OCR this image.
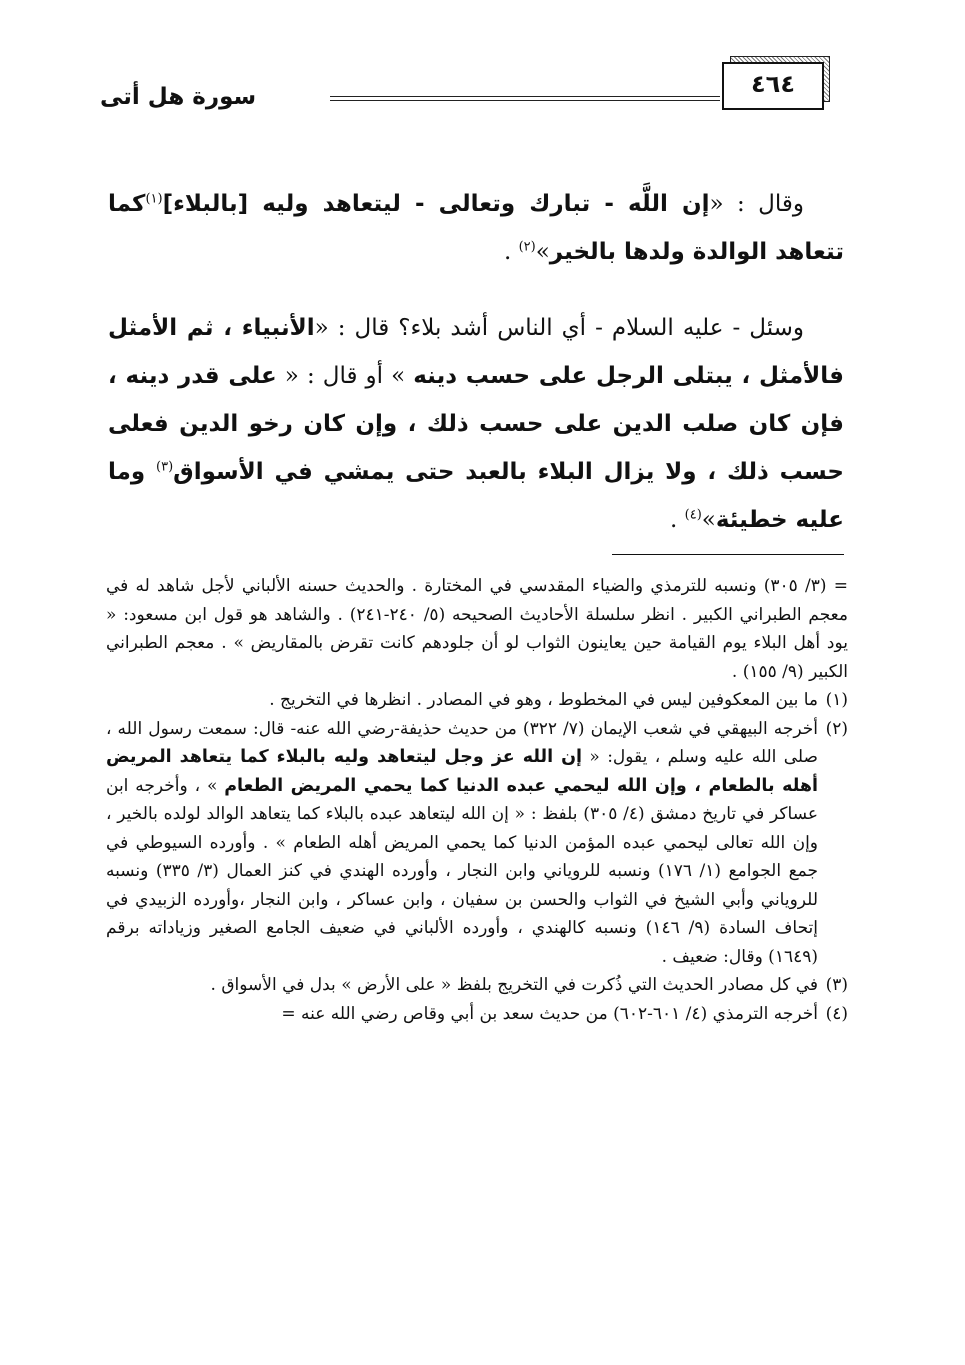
٤٦٤
سورة هل أتى
وقال : «إن اللَّه - تبارك وتعالى - ليتعاهد وليه [بالبلاء]$^{(١)}$كما تتعاهد الوالدة ولدها بالخير»$^{(٢)}$ .
وسئل - عليه السلام - أي الناس أشد بلاء؟ قال : «الأنبياء ، ثم الأمثل فالأمثل ، يبتلى الرجل على حسب دينه » أو قال : « على قدر دينه ، فإن كان صلب الدين على حسب ذلك ، وإن كان رخو الدين فعلى حسب ذلك ، ولا يزال البلاء بالعبد حتى يمشي في الأسواق$^{(٣)}$ وما عليه خطيئة»$^{(٤)}$ .

= (٣/ ٣٠٥) ونسبه للترمذي والضياء المقدسي في المختارة . والحديث حسنه الألباني لأجل شاهد له في معجم الطبراني الكبير . انظر سلسلة الأحاديث الصحيحه (٥/ ٢٤٠-٢٤١) . والشاهد هو قول ابن مسعود: « يود أهل البلاء يوم القيامة حين يعاينون الثواب لو أن جلودهم كانت تقرض بالمقاريض » . معجم الطبراني الكبير (٩/ ١٥٥) .

(١)
ما بين المعكوفين ليس في المخطوط ، وهو في المصادر . انظرها في التخريج .

(٢)
أخرجه البيهقي في شعب الإيمان (٧/ ٣٢٢) من حديث حذيفة-رضي الله عنه- قال: سمعت رسول الله ، صلى الله عليه وسلم ، يقول: « إن الله عز وجل ليتعاهد وليه بالبلاء كما يتعاهد المريض أهله بالطعام ، وإن الله ليحمي عبده الدنيا كما يحمي المريض الطعام » ، وأخرجه ابن عساكر في تاريخ دمشق (٤/ ٣٠٥) بلفظ : « إن الله ليتعاهد عبده بالبلاء كما يتعاهد الوالد لولده بالخير ، وإن الله تعالى ليحمي عبده المؤمن الدنيا كما يحمي المريض أهله الطعام » . وأورده السيوطي في جمع الجوامع (١/ ١٧٦) ونسبه للروياني وابن النجار ، وأورده الهندي في كنز العمال (٣/ ٣٣٥) ونسبه للروياني وأبي الشيخ في الثواب والحسن بن سفيان ، وابن عساكر ، وابن النجار ،وأورده الزبيدي في إتحاف السادة (٩/ ١٤٦) ونسبه كالهندي ، وأورده الألباني في ضعيف الجامع الصغير وزياداته برقم (١٦٤٩) وقال: ضعيف .

(٣)
في كل مصادر الحديث التي ذُكرت في التخريج بلفظ « على الأرض » بدل في الأسواق .

(٤)
أخرجه الترمذي (٤/ ٦٠١-٦٠٢) من حديث سعد بن أبي وقاص رضي الله عنه =
